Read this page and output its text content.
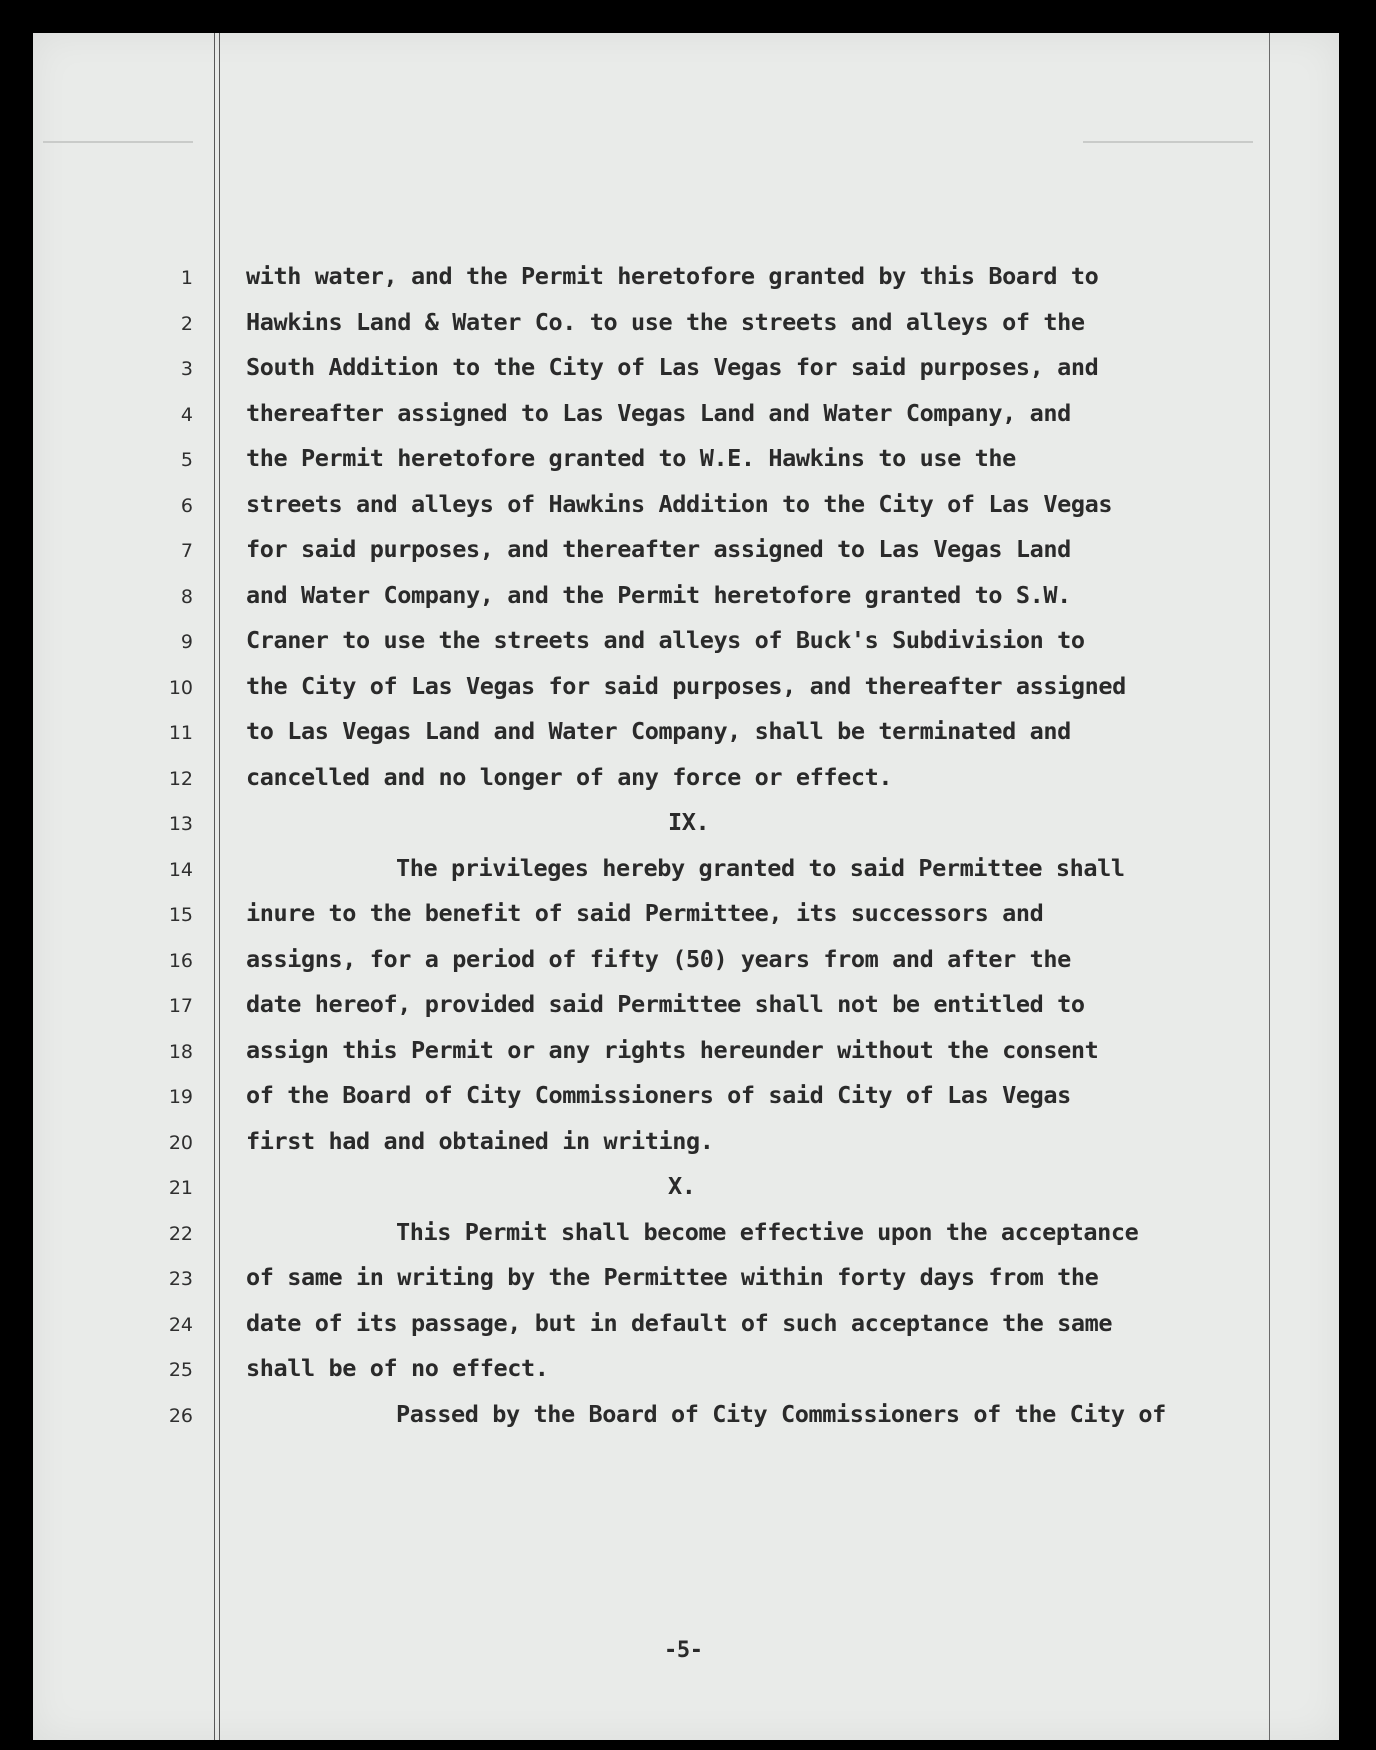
1
2
3
4
5
6
7
8
9
10
11
12
13
14
15
16
17
18
19
20
21
22
23
24
25
26
with water, and the Permit heretofore granted by this Board to
Hawkins Land & Water Co. to use the streets and alleys of the
South Addition to the City of Las Vegas for said purposes, and
thereafter assigned to Las Vegas Land and Water Company, and
the Permit heretofore granted to W.E. Hawkins to use the
streets and alleys of Hawkins Addition to the City of Las Vegas
for said purposes, and thereafter assigned to Las Vegas Land
and Water Company, and the Permit heretofore granted to S.W.
Craner to use the streets and alleys of Buck's Subdivision to
the City of Las Vegas for said purposes, and thereafter assigned
to Las Vegas Land and Water Company, shall be terminated and
cancelled and no longer of any force or effect.
IX.
The privileges hereby granted to said Permittee shall
inure to the benefit of said Permittee, its successors and
assigns, for a period of fifty (50) years from and after the
date hereof, provided said Permittee shall not be entitled to
assign this Permit or any rights hereunder without the consent
of the Board of City Commissioners of said City of Las Vegas
first had and obtained in writing.
X.
This Permit shall become effective upon the acceptance
of same in writing by the Permittee within forty days from the
date of its passage, but in default of such acceptance the same
shall be of no effect.
Passed by the Board of City Commissioners of the City of
-5-
